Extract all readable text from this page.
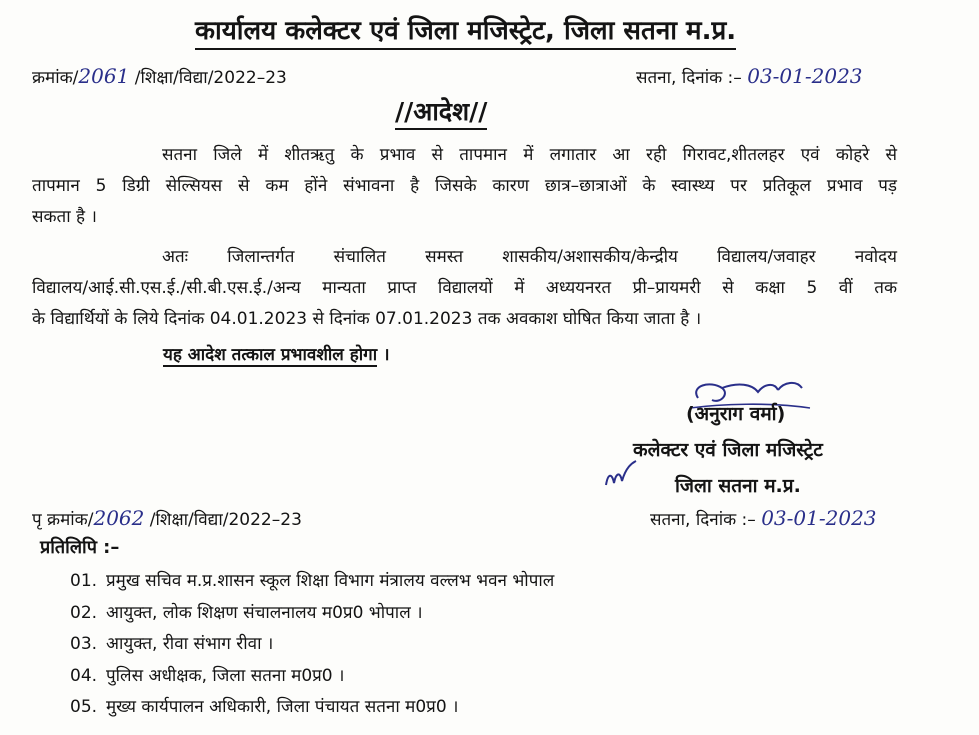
कार्यालय कलेक्टर एवं जिला मजिस्ट्रेट, जिला सतना म.प्र.
क्रमांक/2061 /शिक्षा/विद्या/2022–23	सतना, दिनांक :– 03-01-2023
//आदेश//
सतना जिले में शीतऋतु के प्रभाव से तापमान में लगातार आ रही गिरावट,शीतलहर एवं कोहरे से
तापमान 5 डिग्री सेल्सियस से कम होंने संभावना है जिसके कारण छात्र–छात्राओं के स्वास्थ्य पर प्रतिकूल प्रभाव पड़
सकता है ।
अतः जिलान्तर्गत संचालित समस्त शासकीय/अशासकीय/केन्द्रीय विद्यालय/जवाहर नवोदय
विद्यालय/आई.सी.एस.ई./सी.बी.एस.ई./अन्य मान्यता प्राप्त विद्यालयों में अध्ययनरत प्री–प्रायमरी से कक्षा 5 वीं तक
के विद्यार्थियों के लिये दिनांक 04.01.2023 से दिनांक 07.01.2023 तक अवकाश घोषित किया जाता है ।
यह आदेश तत्काल प्रभावशील होगा ।
(अनुराग वर्मा)
कलेक्टर एवं जिला मजिस्ट्रेट
जिला सतना म.प्र.
पृ क्रमांक/2062 /शिक्षा/विद्या/2022–23	सतना, दिनांक :– 03-01-2023
प्रतिलिपि :–
01. प्रमुख सचिव म.प्र.शासन स्कूल शिक्षा विभाग मंत्रालय वल्लभ भवन भोपाल
02. आयुक्त, लोक शिक्षण संचालनालय म0प्र0 भोपाल ।
03. आयुक्त, रीवा संभाग रीवा ।
04. पुलिस अधीक्षक, जिला सतना म0प्र0 ।
05. मुख्य कार्यपालन अधिकारी, जिला पंचायत सतना म0प्र0 ।
